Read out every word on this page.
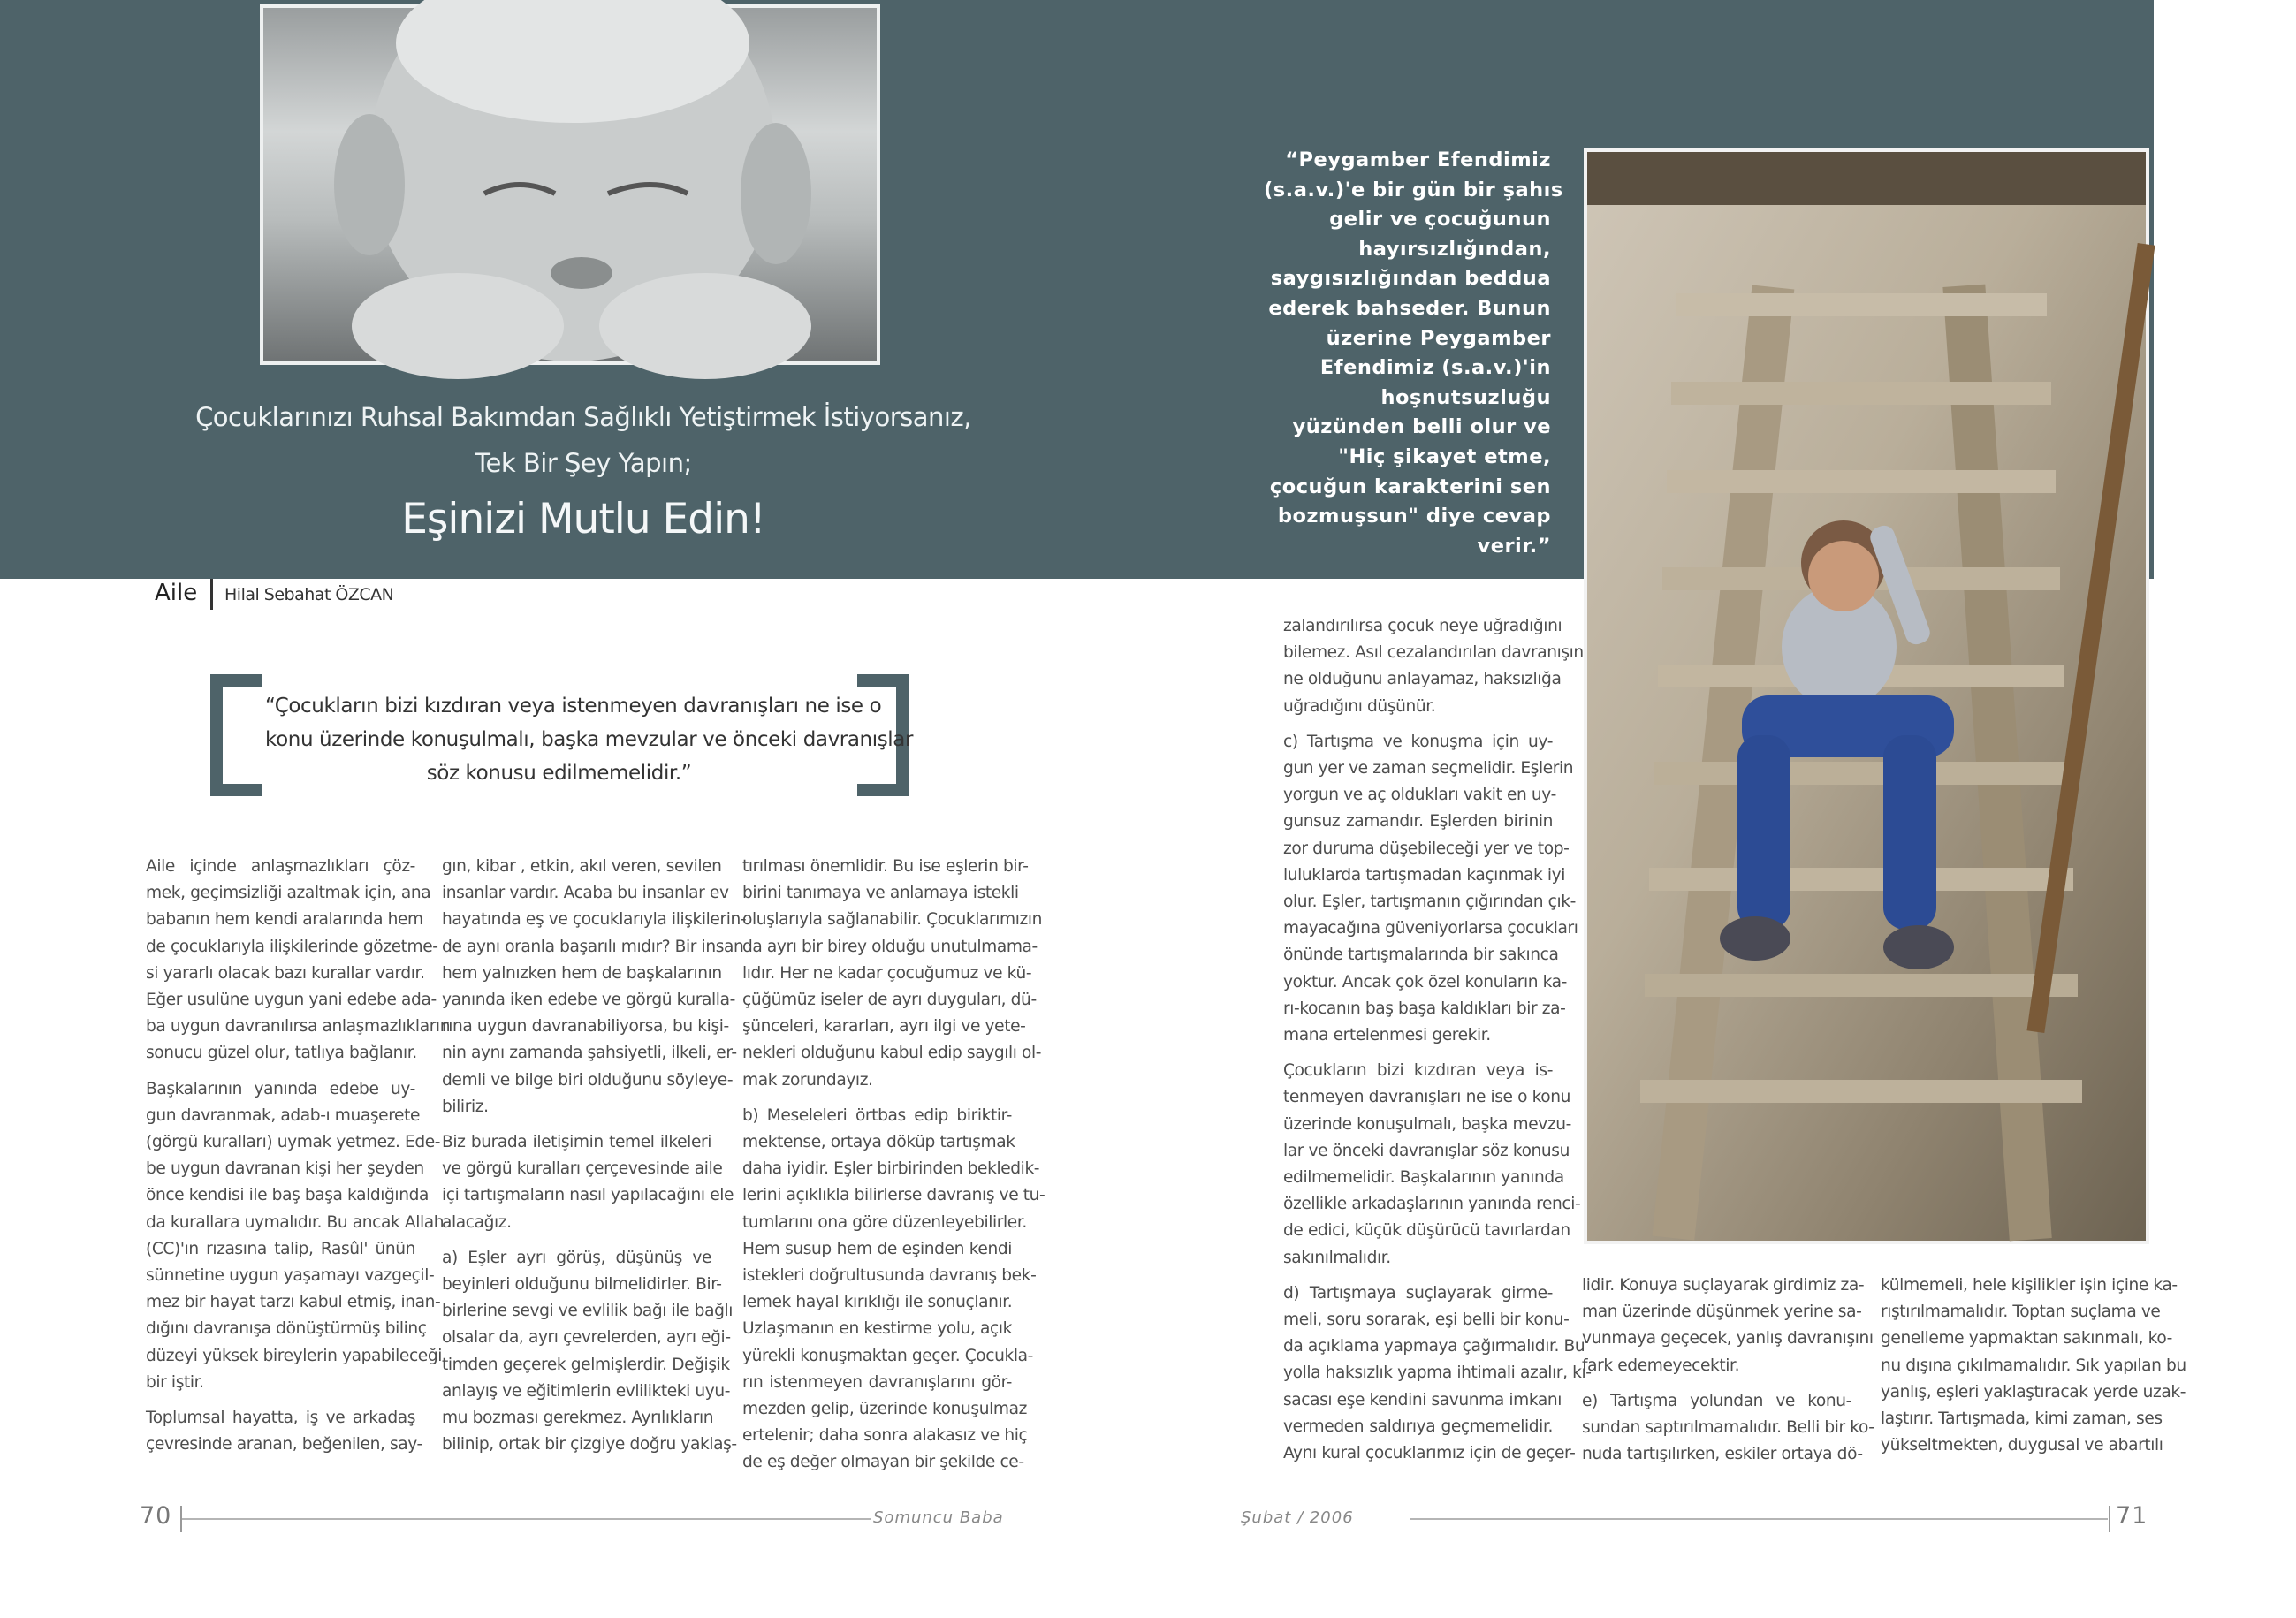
Çocuklarınızı Ruhsal Bakımdan Sağlıklı Yetiştirmek İstiyorsanız,
Tek Bir Şey Yapın;
Eşinizi Mutlu Edin!
“Peygamber Efendimiz
(s.a.v.)'e bir gün bir şahıs
gelir ve çocuğunun
hayırsızlığından,
saygısızlığından beddua
ederek bahseder. Bunun
üzerine Peygamber
Efendimiz (s.a.v.)'in
hoşnutsuzluğu
yüzünden belli olur ve
"Hiç şikayet etme,
çocuğun karakterini sen
bozmuşsun" diye cevap
verir.”
Aile Hilal Sebahat ÖZCAN
“Çocukların bizi kızdıran veya istenmeyen davranışları ne ise o
konu üzerinde konuşulmalı, başka mevzular ve önceki davranışlar
söz konusu edilmemelidir.”
Aile içinde anlaşmazlıkları çöz-
mek, geçimsizliği azaltmak için, ana
babanın hem kendi aralarında hem
de çocuklarıyla ilişkilerinde gözetme-
si yararlı olacak bazı kurallar vardır.
Eğer usulüne uygun yani edebe ada-
ba uygun davranılırsa anlaşmazlıkların
sonucu güzel olur, tatlıya bağlanır.
Başkalarının yanında edebe uy-
gun davranmak, adab-ı muaşerete
(görgü kuralları) uymak yetmez. Ede-
be uygun davranan kişi her şeyden
önce kendisi ile baş başa kaldığında
da kurallara uymalıdır. Bu ancak Allah
(CC)'ın rızasına talip, Rasûl' ünün
sünnetine uygun yaşamayı vazgeçil-
mez bir hayat tarzı kabul etmiş, inan-
dığını davranışa dönüştürmüş bilinç
düzeyi yüksek bireylerin yapabileceği
bir iştir.
Toplumsal hayatta, iş ve arkadaş
çevresinde aranan, beğenilen, say-
gın, kibar , etkin, akıl veren, sevilen
insanlar vardır. Acaba bu insanlar ev
hayatında eş ve çocuklarıyla ilişkilerin-
de aynı oranla başarılı mıdır? Bir insan
hem yalnızken hem de başkalarının
yanında iken edebe ve görgü kuralla-
rına uygun davranabiliyorsa, bu kişi-
nin aynı zamanda şahsiyetli, ilkeli, er-
demli ve bilge biri olduğunu söyleye-
biliriz.
Biz burada iletişimin temel ilkeleri
ve görgü kuralları çerçevesinde aile
içi tartışmaların nasıl yapılacağını ele
alacağız.
a) Eşler ayrı görüş, düşünüş ve
beyinleri olduğunu bilmelidirler. Bir-
birlerine sevgi ve evlilik bağı ile bağlı
olsalar da, ayrı çevrelerden, ayrı eği-
timden geçerek gelmişlerdir. Değişik
anlayış ve eğitimlerin evlilikteki uyu-
mu bozması gerekmez. Ayrılıkların
bilinip, ortak bir çizgiye doğru yaklaş-
tırılması önemlidir. Bu ise eşlerin bir-
birini tanımaya ve anlamaya istekli
oluşlarıyla sağlanabilir. Çocuklarımızın
da ayrı bir birey olduğu unutulmama-
lıdır. Her ne kadar çocuğumuz ve kü-
çüğümüz iseler de ayrı duyguları, dü-
şünceleri, kararları, ayrı ilgi ve yete-
nekleri olduğunu kabul edip saygılı ol-
mak zorundayız.
b) Meseleleri örtbas edip biriktir-
mektense, ortaya döküp tartışmak
daha iyidir. Eşler birbirinden bekledik-
lerini açıklıkla bilirlerse davranış ve tu-
tumlarını ona göre düzenleyebilirler.
Hem susup hem de eşinden kendi
istekleri doğrultusunda davranış bek-
lemek hayal kırıklığı ile sonuçlanır.
Uzlaşmanın en kestirme yolu, açık
yürekli konuşmaktan geçer. Çocukla-
rın istenmeyen davranışlarını gör-
mezden gelip, üzerinde konuşulmaz
ertelenir; daha sonra alakasız ve hiç
de eş değer olmayan bir şekilde ce-
zalandırılırsa çocuk neye uğradığını
bilemez. Asıl cezalandırılan davranışın
ne olduğunu anlayamaz, haksızlığa
uğradığını düşünür.
c) Tartışma ve konuşma için uy-
gun yer ve zaman seçmelidir. Eşlerin
yorgun ve aç oldukları vakit en uy-
gunsuz zamandır. Eşlerden birinin
zor duruma düşebileceği yer ve top-
luluklarda tartışmadan kaçınmak iyi
olur. Eşler, tartışmanın çığırından çık-
mayacağına güveniyorlarsa çocukları
önünde tartışmalarında bir sakınca
yoktur. Ancak çok özel konuların ka-
rı-kocanın baş başa kaldıkları bir za-
mana ertelenmesi gerekir.
Çocukların bizi kızdıran veya is-
tenmeyen davranışları ne ise o konu
üzerinde konuşulmalı, başka mevzu-
lar ve önceki davranışlar söz konusu
edilmemelidir. Başkalarının yanında
özellikle arkadaşlarının yanında renci-
de edici, küçük düşürücü tavırlardan
sakınılmalıdır.
d) Tartışmaya suçlayarak girme-
meli, soru sorarak, eşi belli bir konu-
da açıklama yapmaya çağırmalıdır. Bu
yolla haksızlık yapma ihtimali azalır, kı-
sacası eşe kendini savunma imkanı
vermeden saldırıya geçmemelidir.
Aynı kural çocuklarımız için de geçer-
lidir. Konuya suçlayarak girdimiz za-
man üzerinde düşünmek yerine sa-
vunmaya geçecek, yanlış davranışını
fark edemeyecektir.
e) Tartışma yolundan ve konu-
sundan saptırılmamalıdır. Belli bir ko-
nuda tartışılırken, eskiler ortaya dö-
külmemeli, hele kişilikler işin içine ka-
rıştırılmamalıdır. Toptan suçlama ve
genelleme yapmaktan sakınmalı, ko-
nu dışına çıkılmamalıdır. Sık yapılan bu
yanlış, eşleri yaklaştıracak yerde uzak-
laştırır. Tartışmada, kimi zaman, ses
yükseltmekten, duygusal ve abartılı
70	Somuncu Baba	Şubat / 2006	71
